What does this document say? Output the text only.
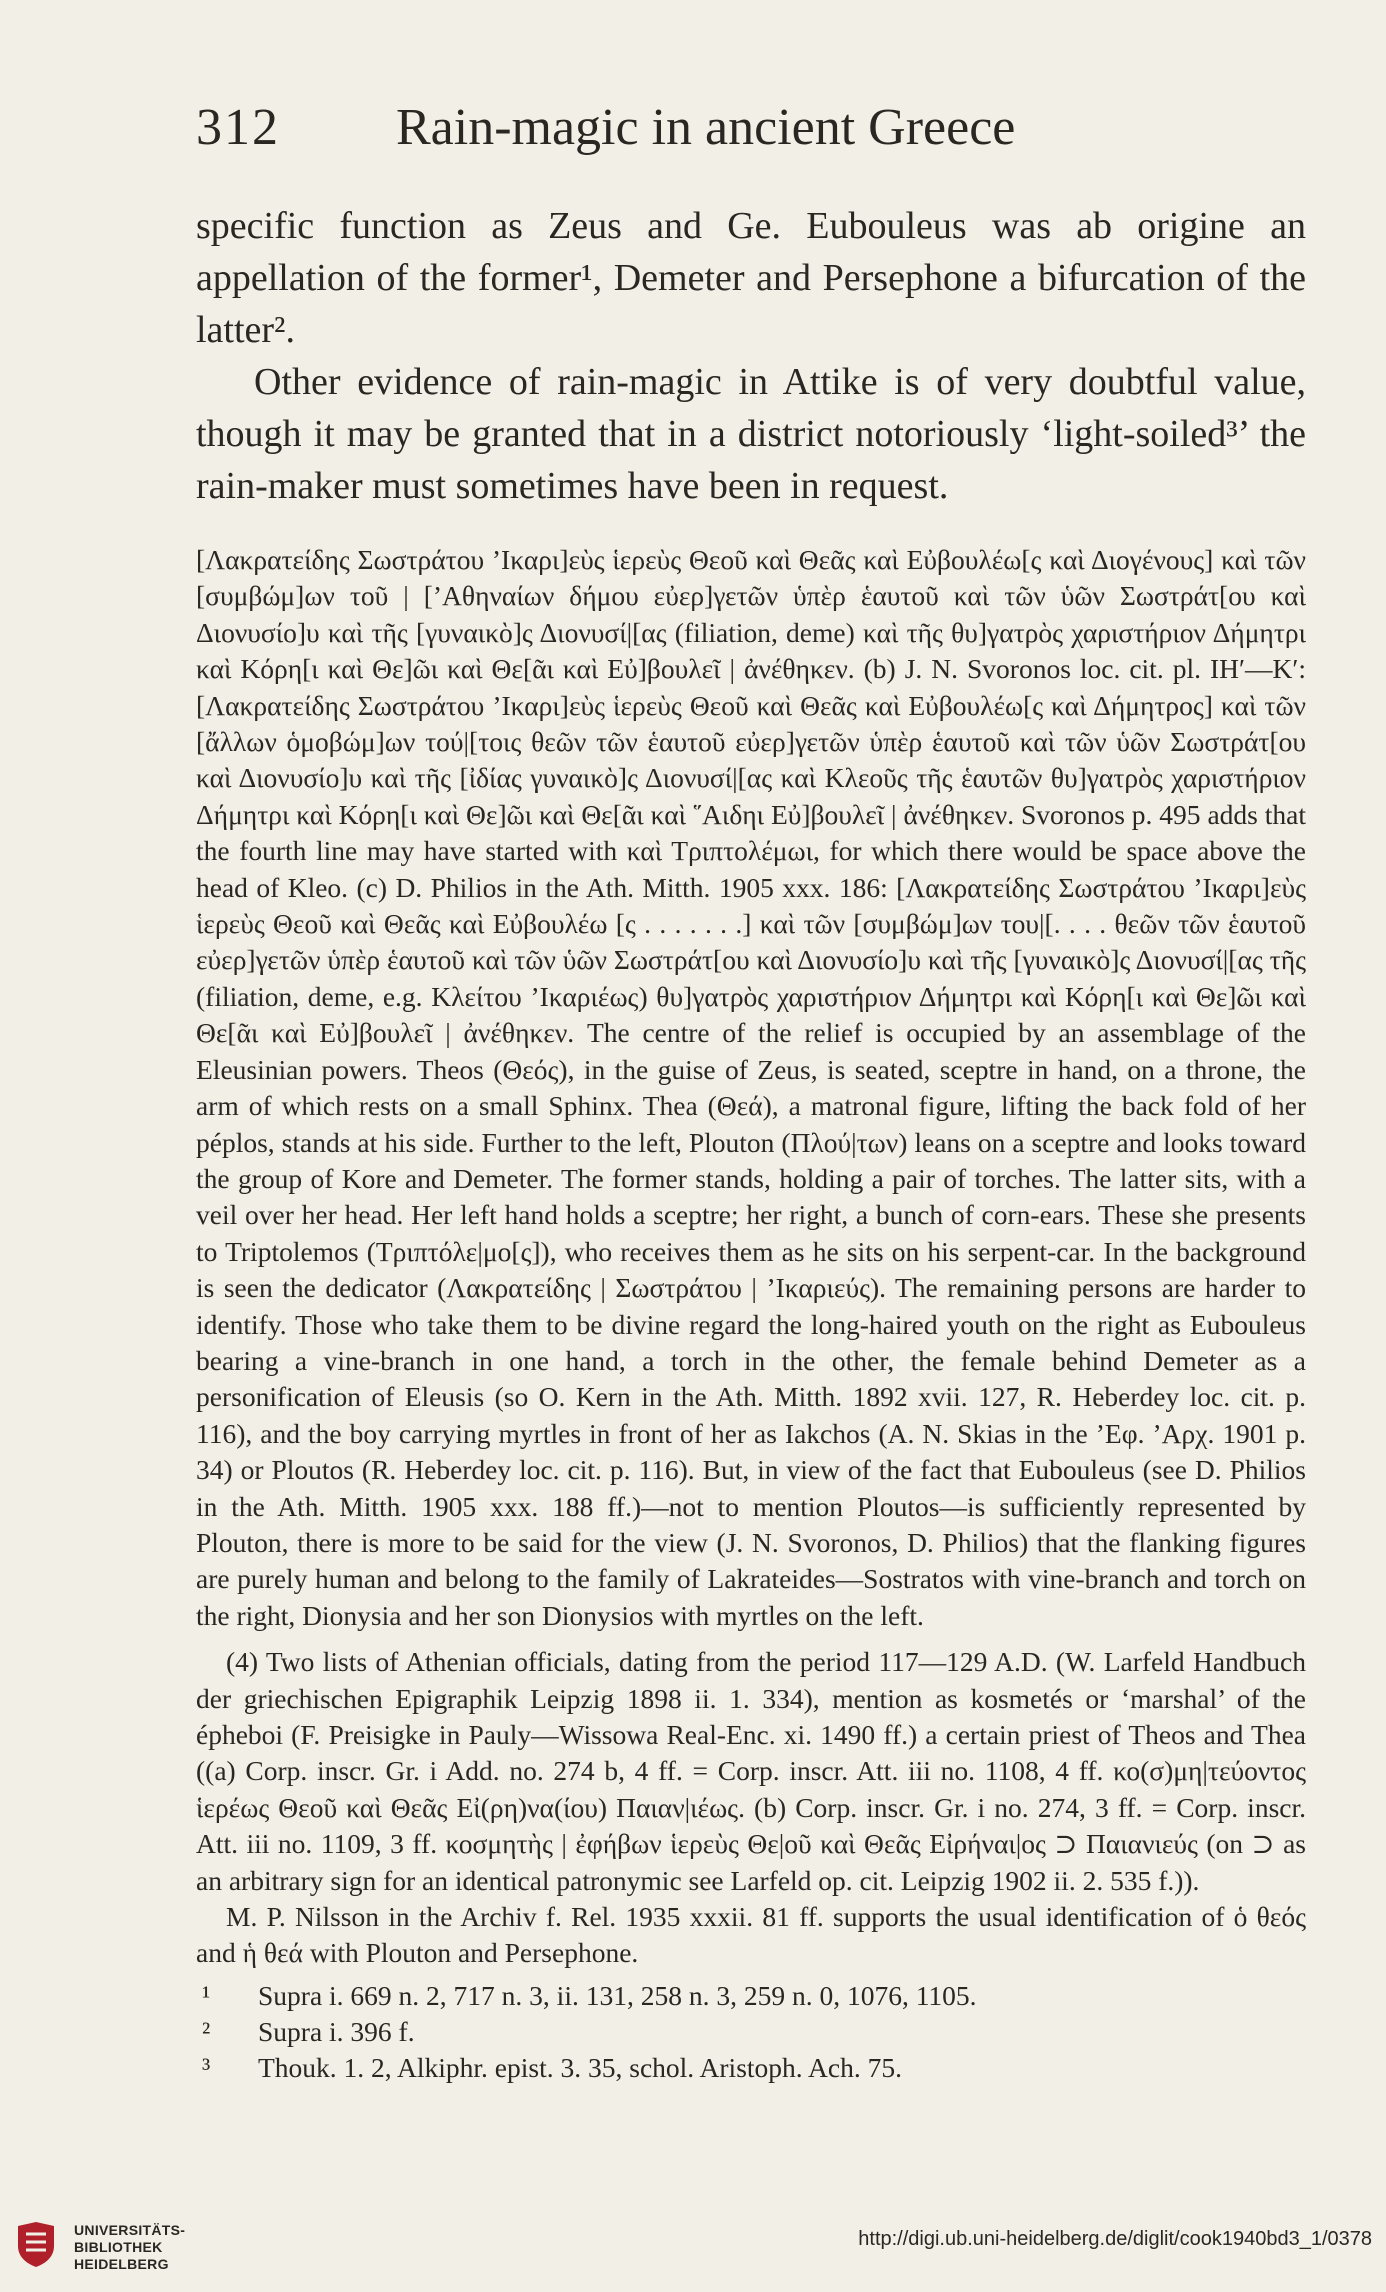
312 Rain-magic in ancient Greece

specific function as Zeus and Ge. Eubouleus was ab origine an appellation of the former¹, Demeter and Persephone a bifurcation of the latter².

Other evidence of rain-magic in Attike is of very doubtful value, though it may be granted that in a district notoriously ‘light-soiled³’ the rain-maker must sometimes have been in request.

[Λακρατείδης Σωστράτου ’Ικαρι]εὺς ἱερεὺς Θεοῦ καὶ Θεᾶς καὶ Εὐβουλέω[ς καὶ Διογένους] καὶ τῶν [συμβώμ]ων τοῦ | [’Αθηναίων δήμου εὐερ]γετῶν ὑπὲρ ἑαυτοῦ καὶ τῶν ὑῶν Σωστράτ[ου καὶ Διονυσίο]υ καὶ τῆς [γυναικὸ]ς Διονυσί|[ας (filiation, deme) καὶ τῆς θυ]γατρὸς χαριστήριον Δήμητρι καὶ Κόρη[ι καὶ Θε]ῶι καὶ Θε[ᾶι καὶ Εὐ]βουλεῖ | ἀνέθηκεν. (b) J. N. Svoronos loc. cit. pl. ΙΗ′—Κ′: [Λακρατείδης Σωστράτου ’Ικαρι]εὺς ἱερεὺς Θεοῦ καὶ Θεᾶς καὶ Εὐβουλέω[ς καὶ Δήμητρος] καὶ τῶν [ἄλλων ὁμοβώμ]ων τού|[τοις θεῶν τῶν ἑαυτοῦ εὐερ]γετῶν ὑπὲρ ἑαυτοῦ καὶ τῶν ὑῶν Σωστράτ[ου καὶ Διονυσίο]υ καὶ τῆς [ἰδίας γυναικὸ]ς Διονυσί|[ας καὶ Κλεοῦς τῆς ἑαυτῶν θυ]γατρὸς χαριστήριον Δήμητρι καὶ Κόρη[ι καὶ Θε]ῶι καὶ Θε[ᾶι καὶ ῞Αιδηι Εὐ]βουλεῖ | ἀνέθηκεν. Svoronos p. 495 adds that the fourth line may have started with καὶ Τριπτολέμωι, for which there would be space above the head of Kleo. (c) D. Philios in the Ath. Mitth. 1905 xxx. 186: [Λακρατείδης Σωστράτου ’Ικαρι]εὺς ἱερεὺς Θεοῦ καὶ Θεᾶς καὶ Εὐβουλέω [ς . . . . . . .] καὶ τῶν [συμβώμ]ων του|[. . . . θεῶν τῶν ἑαυτοῦ εὐερ]γετῶν ὑπὲρ ἑαυτοῦ καὶ τῶν ὑῶν Σωστράτ[ου καὶ Διονυσίο]υ καὶ τῆς [γυναικὸ]ς Διονυσί|[ας τῆς (filiation, deme, e.g. Κλείτου ’Ικαριέως) θυ]γατρὸς χαριστήριον Δήμητρι καὶ Κόρη[ι καὶ Θε]ῶι καὶ Θε[ᾶι καὶ Εὐ]βουλεῖ | ἀνέθηκεν. The centre of the relief is occupied by an assemblage of the Eleusinian powers. Theos (Θεός), in the guise of Zeus, is seated, sceptre in hand, on a throne, the arm of which rests on a small Sphinx. Thea (Θεά), a matronal figure, lifting the back fold of her péplos, stands at his side. Further to the left, Plouton (Πλού|των) leans on a sceptre and looks toward the group of Kore and Demeter. The former stands, holding a pair of torches. The latter sits, with a veil over her head. Her left hand holds a sceptre; her right, a bunch of corn-ears. These she presents to Triptolemos (Τριπτόλε|μο[ς]), who receives them as he sits on his serpent-car. In the background is seen the dedicator (Λακρατείδης | Σωστράτου | ’Ικαριεύς). The remaining persons are harder to identify. Those who take them to be divine regard the long-haired youth on the right as Eubouleus bearing a vine-branch in one hand, a torch in the other, the female behind Demeter as a personification of Eleusis (so O. Kern in the Ath. Mitth. 1892 xvii. 127, R. Heberdey loc. cit. p. 116), and the boy carrying myrtles in front of her as Iakchos (A. N. Skias in the ’Εφ. ’Αρχ. 1901 p. 34) or Ploutos (R. Heberdey loc. cit. p. 116). But, in view of the fact that Eubouleus (see D. Philios in the Ath. Mitth. 1905 xxx. 188 ff.)—not to mention Ploutos—is sufficiently represented by Plouton, there is more to be said for the view (J. N. Svoronos, D. Philios) that the flanking figures are purely human and belong to the family of Lakrateides—Sostratos with vine-branch and torch on the right, Dionysia and her son Dionysios with myrtles on the left.

(4) Two lists of Athenian officials, dating from the period 117—129 A.D. (W. Larfeld Handbuch der griechischen Epigraphik Leipzig 1898 ii. 1. 334), mention as kosmetés or ‘marshal’ of the épheboi (F. Preisigke in Pauly—Wissowa Real-Enc. xi. 1490 ff.) a certain priest of Theos and Thea ((a) Corp. inscr. Gr. i Add. no. 274 b, 4 ff. = Corp. inscr. Att. iii no. 1108, 4 ff. κο(σ)μη|τεύοντος ἱερέως Θεοῦ καὶ Θεᾶς Εἰ(ρη)να(ίου) Παιαν|ιέως. (b) Corp. inscr. Gr. i no. 274, 3 ff. = Corp. inscr. Att. iii no. 1109, 3 ff. κοσμητὴς | ἐφήβων ἱερεὺς Θε|οῦ καὶ Θεᾶς Εἰρήναι|ος ⊃ Παιανιεύς (on ⊃ as an arbitrary sign for an identical patronymic see Larfeld op. cit. Leipzig 1902 ii. 2. 535 f.)).

M. P. Nilsson in the Archiv f. Rel. 1935 xxxii. 81 ff. supports the usual identification of ὁ θεός and ἡ θεά with Plouton and Persephone.

¹ Supra i. 669 n. 2, 717 n. 3, ii. 131, 258 n. 3, 259 n. 0, 1076, 1105.

² Supra i. 396 f.

³ Thouk. 1. 2, Alkiphr. epist. 3. 35, schol. Aristoph. Ach. 75.

UNIVERSITÄTS-
BIBLIOTHEK
HEIDELBERG
http://digi.ub.uni-heidelberg.de/diglit/cook1940bd3_1/0378
